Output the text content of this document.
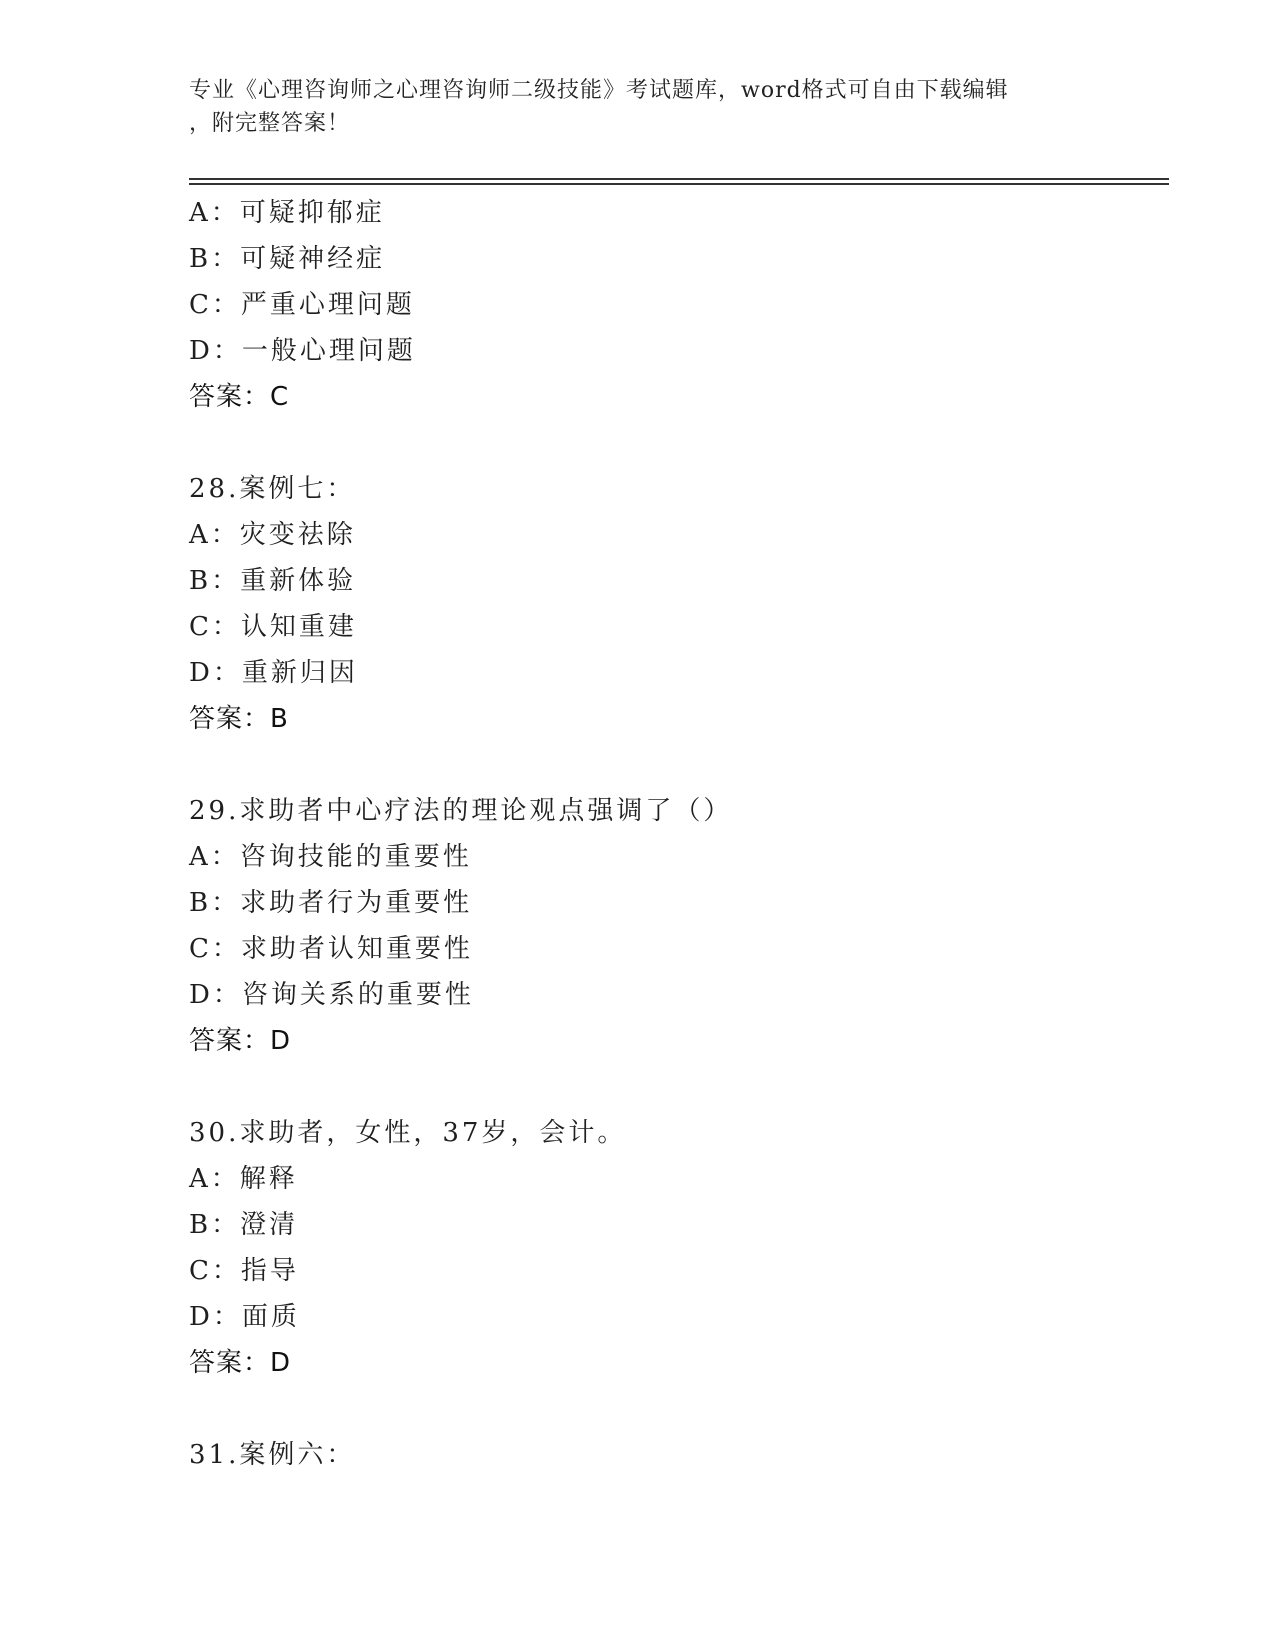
专业《心理咨询师之心理咨询师二级技能》考试题库，word格式可自由下载编辑
，附完整答案！
A：可疑抑郁症
B：可疑神经症
C：严重心理问题
D：一般心理问题
答案：C
28.案例七：
A：灾变祛除
B：重新体验
C：认知重建
D：重新归因
答案：B
29.求助者中心疗法的理论观点强调了（）
A：咨询技能的重要性
B：求助者行为重要性
C：求助者认知重要性
D：咨询关系的重要性
答案：D
30.求助者，女性，37岁，会计。
A：解释
B：澄清
C：指导
D：面质
答案：D
31.案例六：
